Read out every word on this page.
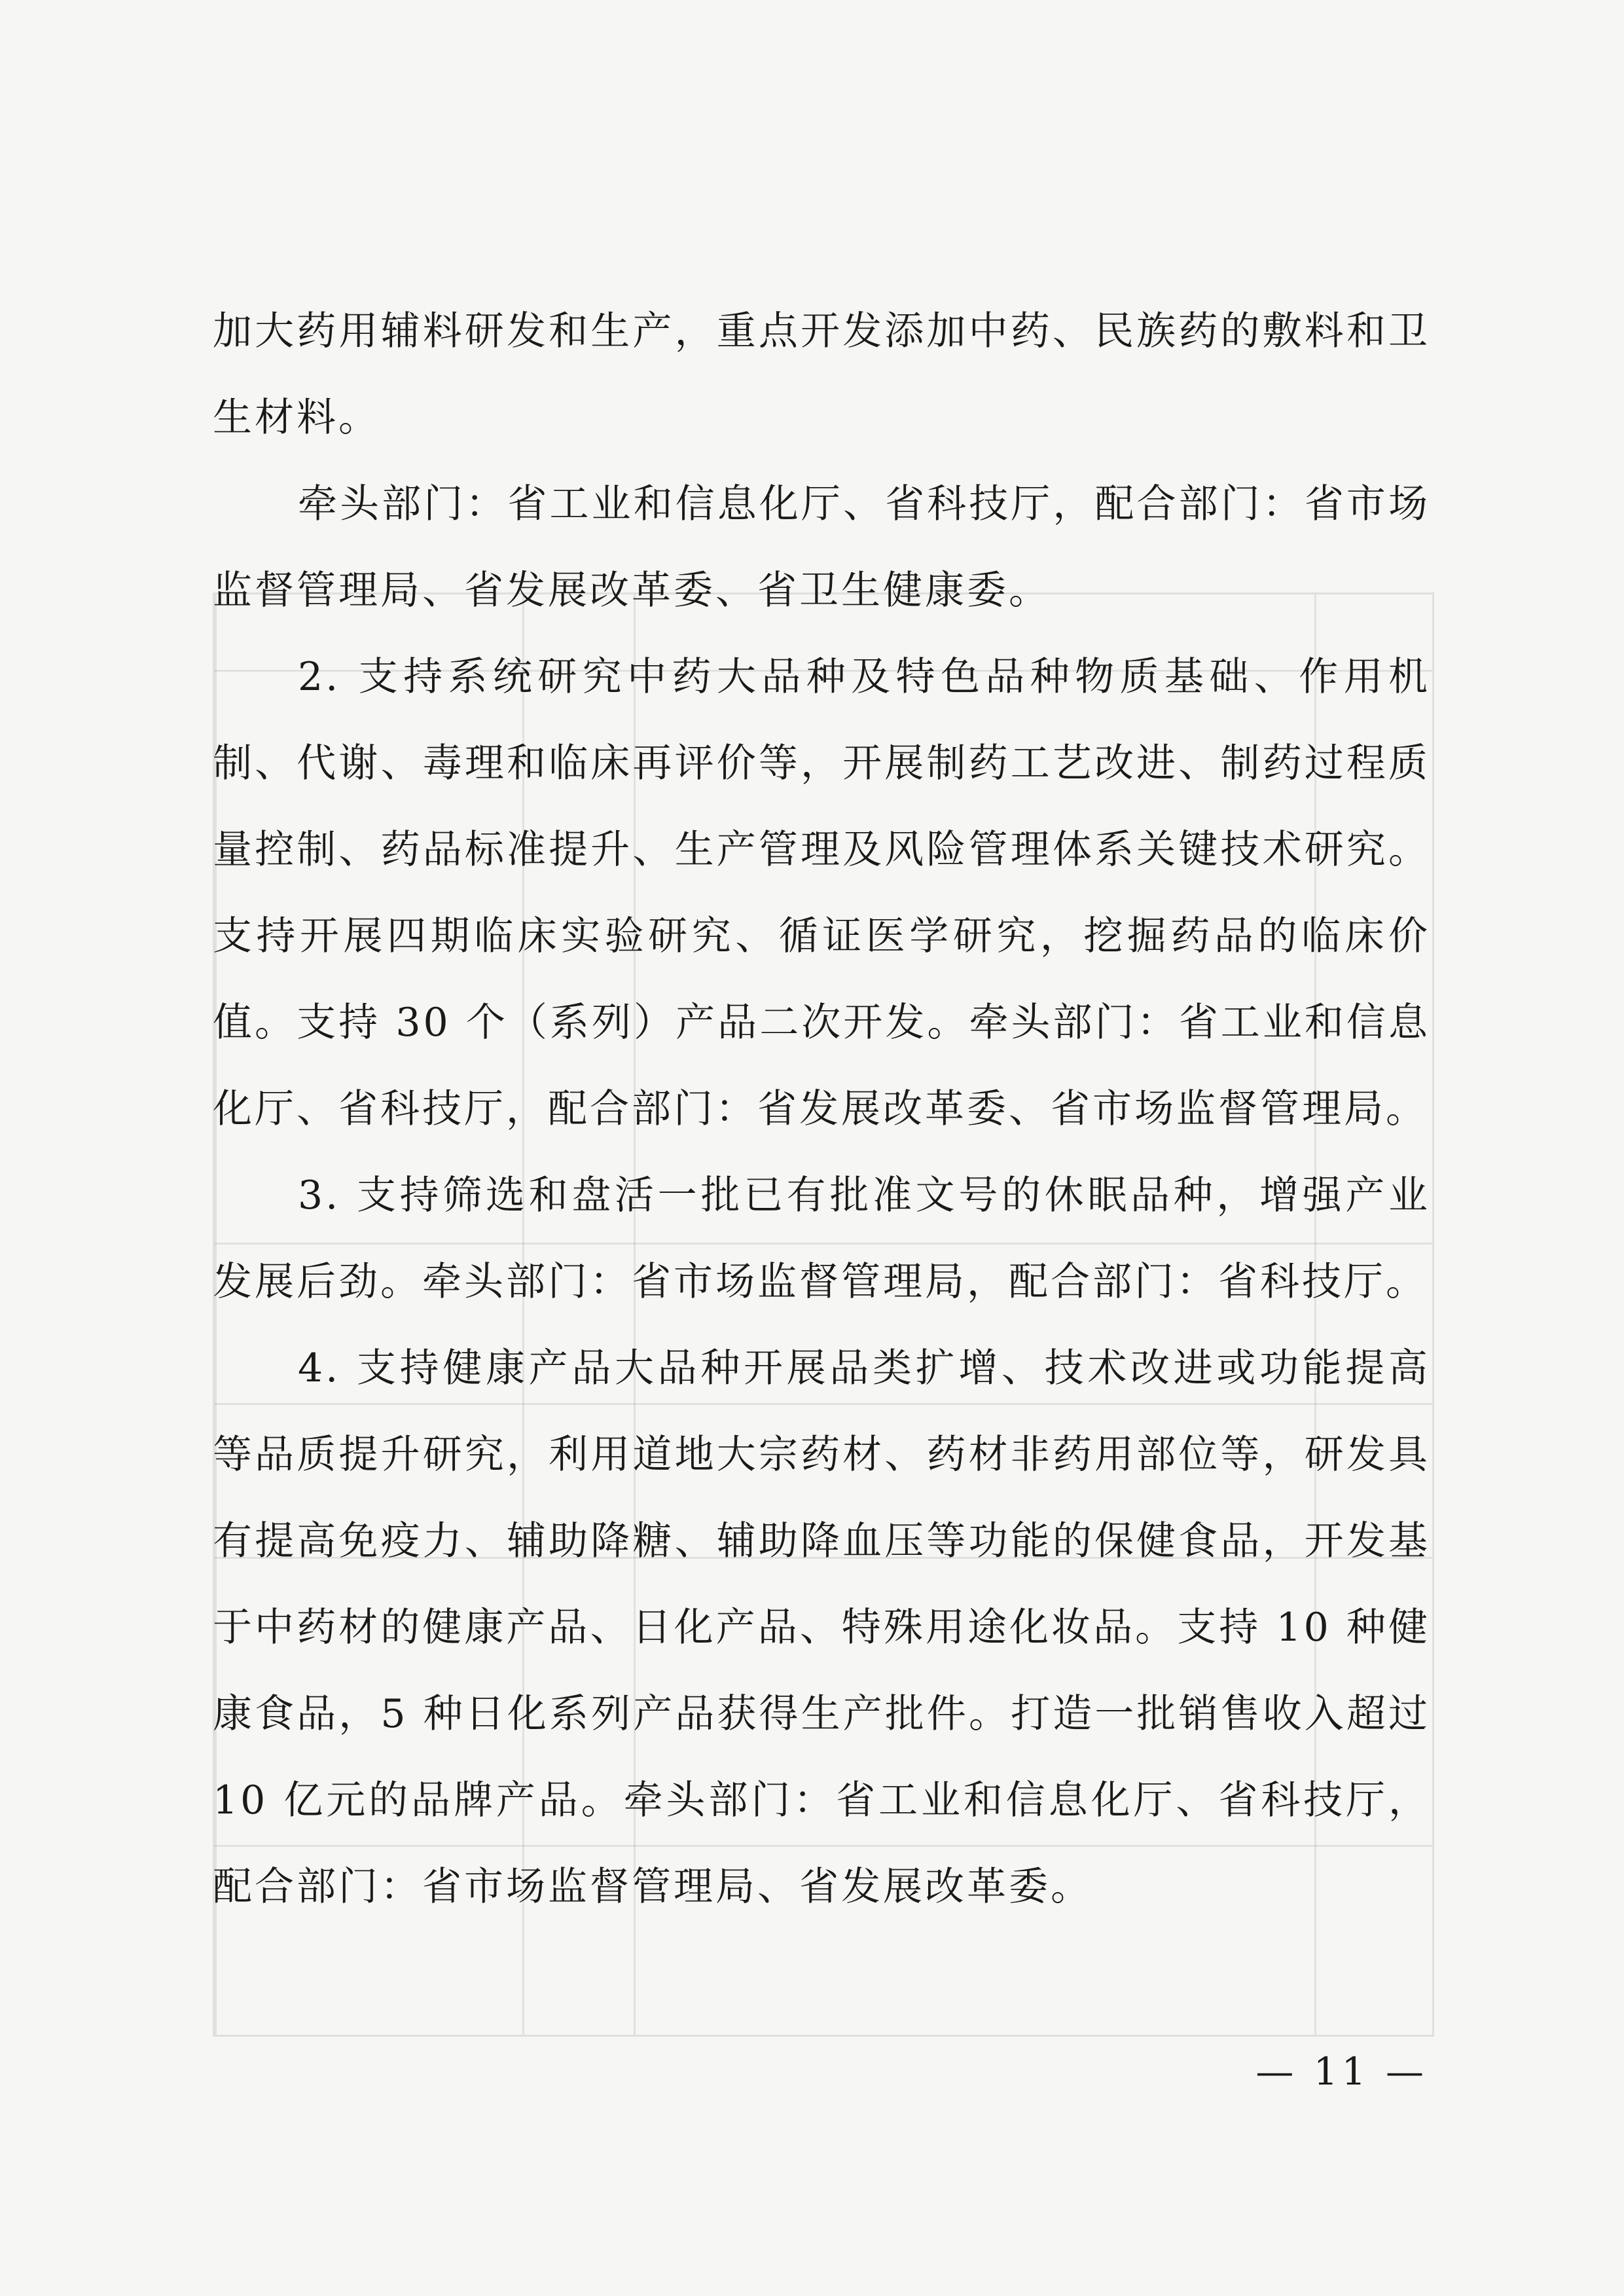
加大药用辅料研发和生产，重点开发添加中药、民族药的敷料和卫生材料。

牵头部门：省工业和信息化厅、省科技厅，配合部门：省市场监督管理局、省发展改革委、省卫生健康委。

2. 支持系统研究中药大品种及特色品种物质基础、作用机制、代谢、毒理和临床再评价等，开展制药工艺改进、制药过程质量控制、药品标准提升、生产管理及风险管理体系关键技术研究。支持开展四期临床实验研究、循证医学研究，挖掘药品的临床价值。支持 30 个（系列）产品二次开发。牵头部门：省工业和信息化厅、省科技厅，配合部门：省发展改革委、省市场监督管理局。

3. 支持筛选和盘活一批已有批准文号的休眠品种，增强产业发展后劲。牵头部门：省市场监督管理局，配合部门：省科技厅。

4. 支持健康产品大品种开展品类扩增、技术改进或功能提高等品质提升研究，利用道地大宗药材、药材非药用部位等，研发具有提高免疫力、辅助降糖、辅助降血压等功能的保健食品，开发基于中药材的健康产品、日化产品、特殊用途化妆品。支持 10 种健康食品，5 种日化系列产品获得生产批件。打造一批销售收入超过 10 亿元的品牌产品。牵头部门：省工业和信息化厅、省科技厅，配合部门：省市场监督管理局、省发展改革委。

— 11 —
